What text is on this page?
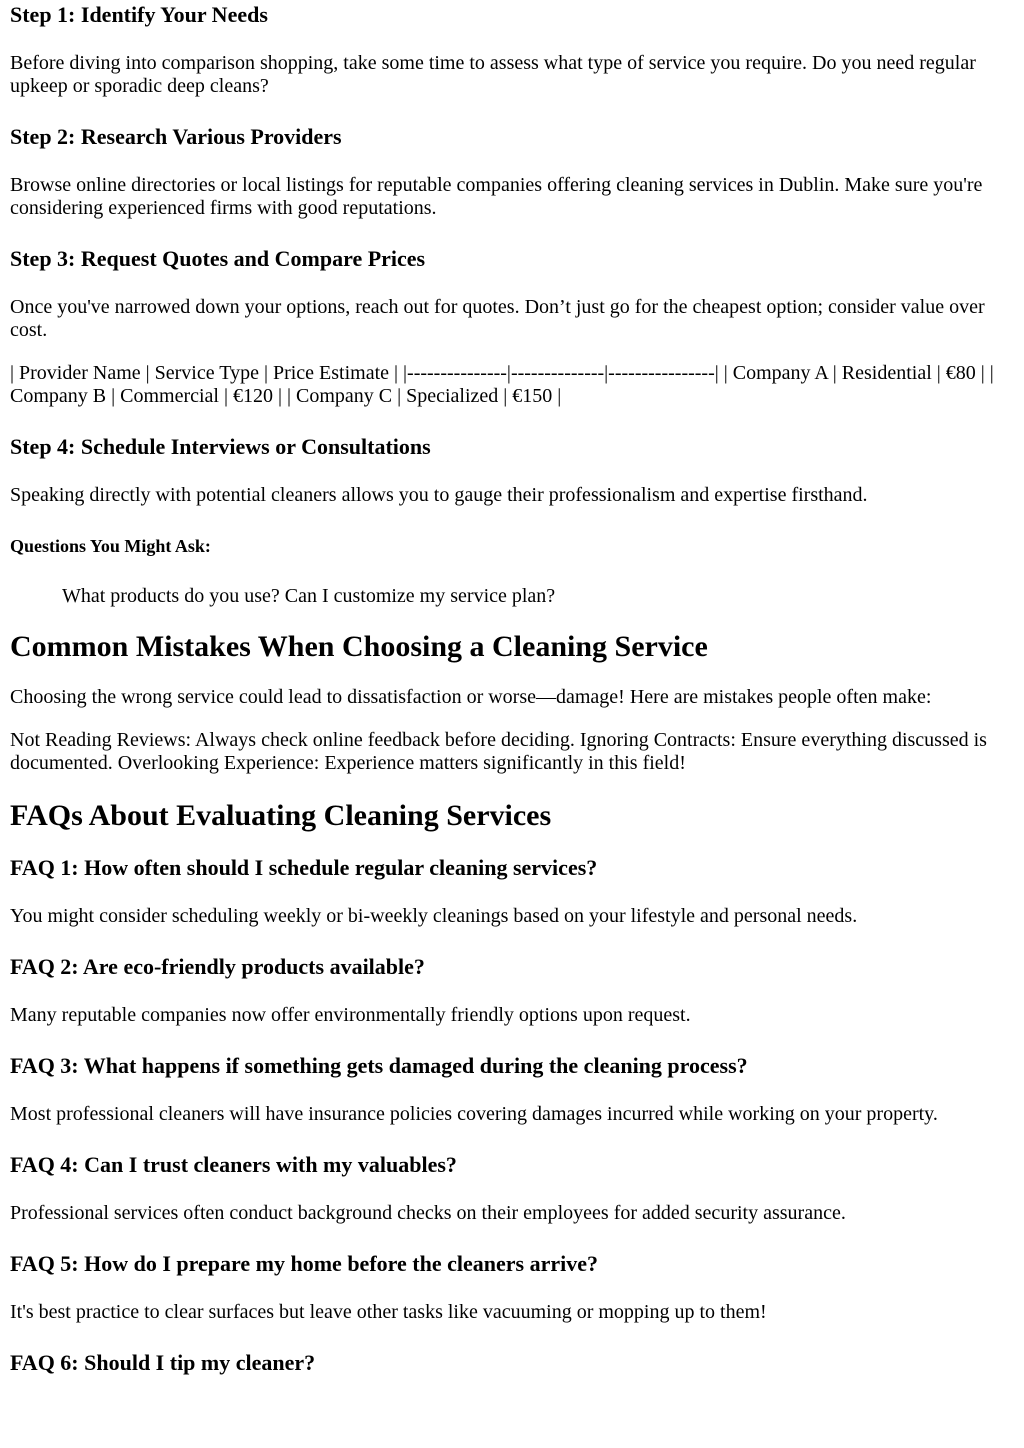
Step 1: Identify Your Needs

Before diving into comparison shopping, take some time to assess what type of service you require. Do you need regular upkeep or sporadic deep cleans?

Step 2: Research Various Providers

Browse online directories or local listings for reputable companies offering cleaning services in Dublin. Make sure you're considering experienced firms with good reputations.

Step 3: Request Quotes and Compare Prices

Once you've narrowed down your options, reach out for quotes. Don’t just go for the cheapest option; consider value over cost.

| Provider Name | Service Type | Price Estimate | |---------------|--------------|----------------| | Company A | Residential | €80 | | Company B | Commercial | €120 | | Company C | Specialized | €150 |

Step 4: Schedule Interviews or Consultations

Speaking directly with potential cleaners allows you to gauge their professionalism and expertise firsthand.

Questions You Might Ask:
What products do you use? Can I customize my service plan?
Common Mistakes When Choosing a Cleaning Service

Choosing the wrong service could lead to dissatisfaction or worse—damage! Here are mistakes people often make:

Not Reading Reviews: Always check online feedback before deciding. Ignoring Contracts: Ensure everything discussed is documented. Overlooking Experience: Experience matters significantly in this field!

FAQs About Evaluating Cleaning Services
FAQ 1: How often should I schedule regular cleaning services?

You might consider scheduling weekly or bi-weekly cleanings based on your lifestyle and personal needs.

FAQ 2: Are eco-friendly products available?

Many reputable companies now offer environmentally friendly options upon request.

FAQ 3: What happens if something gets damaged during the cleaning process?

Most professional cleaners will have insurance policies covering damages incurred while working on your property.

FAQ 4: Can I trust cleaners with my valuables?

Professional services often conduct background checks on their employees for added security assurance.

FAQ 5: How do I prepare my home before the cleaners arrive?

It's best practice to clear surfaces but leave other tasks like vacuuming or mopping up to them!

FAQ 6: Should I tip my cleaner?
